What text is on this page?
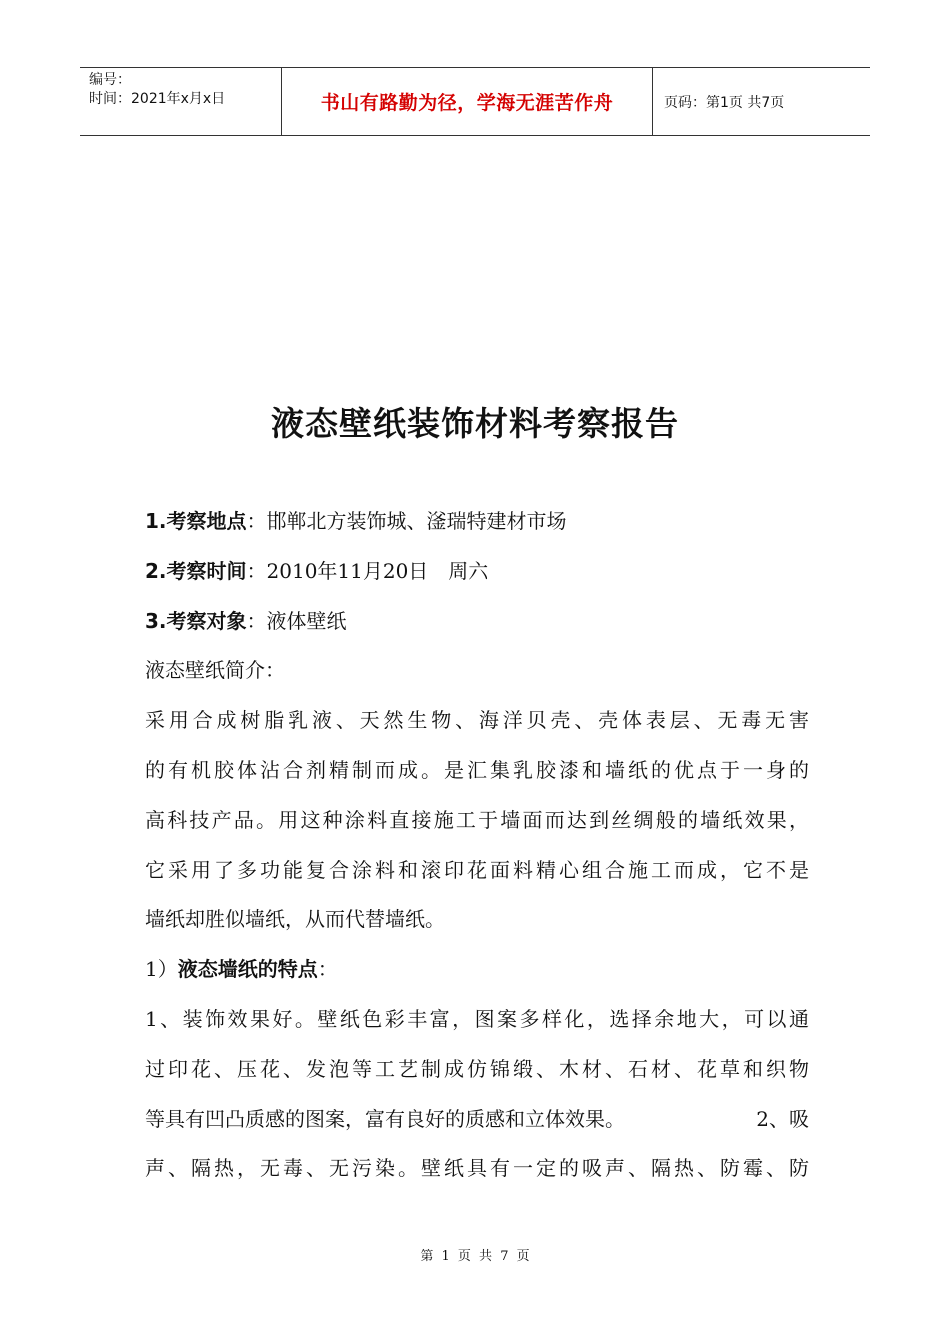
编号：
时间：2021年x月x日	书山有路勤为径，学海无涯苦作舟	页码：第1页 共7页
液态壁纸装饰材料考察报告
1.考察地点：邯郸北方装饰城、滏瑞特建材市场
2.考察时间：2010年11月20日　周六
3.考察对象：液体壁纸
液态壁纸简介：
采用合成树脂乳液、天然生物、海洋贝壳、壳体表层、无毒无害
的有机胶体沾合剂精制而成。是汇集乳胶漆和墙纸的优点于一身的
高科技产品。用这种涂料直接施工于墙面而达到丝绸般的墙纸效果，
它采用了多功能复合涂料和滚印花面料精心组合施工而成，它不是
墙纸却胜似墙纸，从而代替墙纸。
1）液态墙纸的特点：
1、装饰效果好。壁纸色彩丰富，图案多样化，选择余地大，可以通
过印花、压花、发泡等工艺制成仿锦缎、木材、石材、花草和织物
等具有凹凸质感的图案，富有良好的质感和立体效果。	2、吸
声、隔热，无毒、无污染。壁纸具有一定的吸声、隔热、防霉、防
第 1 页 共 7 页
